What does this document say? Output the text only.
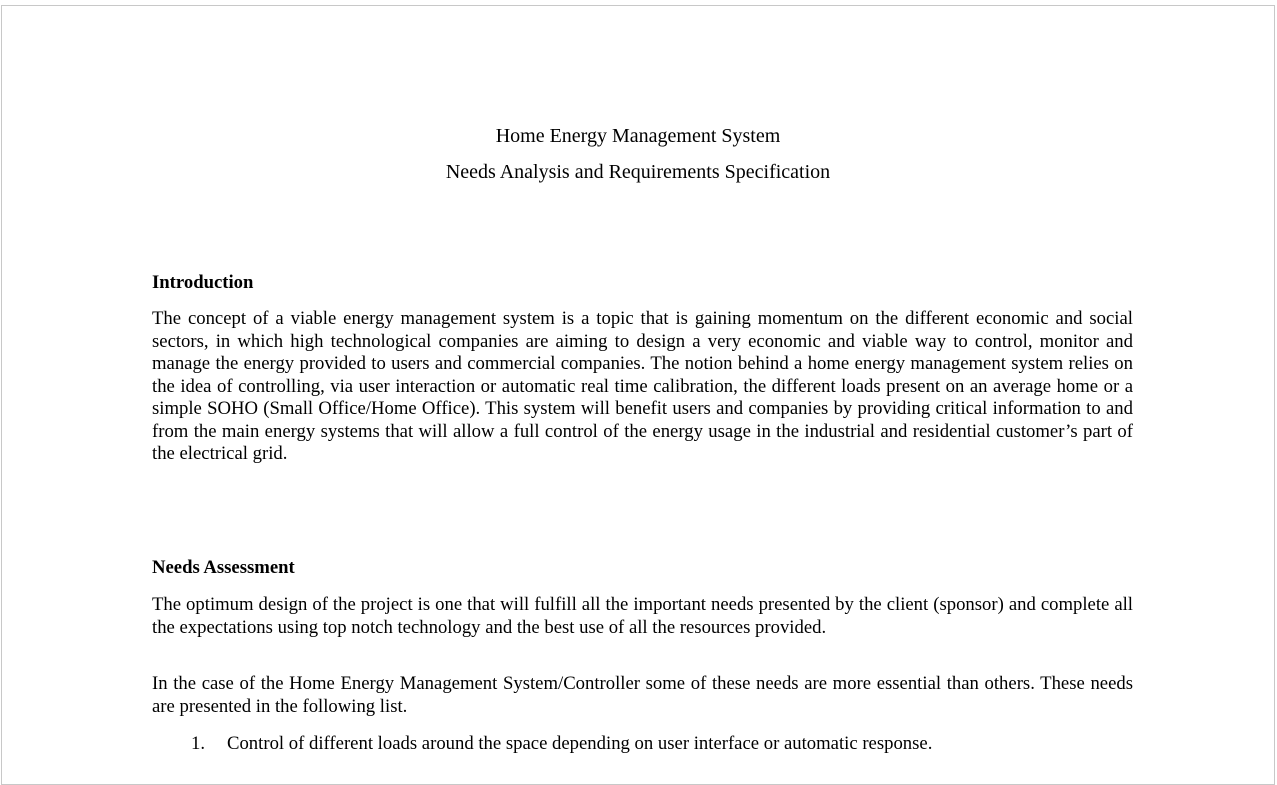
Home Energy Management System

Needs Analysis and Requirements Specification

Introduction

The concept of a viable energy management system is a topic that is gaining momentum on the different economic and social sectors, in which high technological companies are aiming to design a very economic and viable way to control, monitor and manage the energy provided to users and commercial companies. The notion behind a home energy management system relies on the idea of controlling, via user interaction or automatic real time calibration, the different loads present on an average home or a simple SOHO (Small Office/Home Office). This system will benefit users and companies by providing critical information to and from the main energy systems that will allow a full control of the energy usage in the industrial and residential customer’s part of the electrical grid.

Needs Assessment

The optimum design of the project is one that will fulfill all the important needs presented by the client (sponsor) and complete all the expectations using top notch technology and the best use of all the resources provided.

In the case of the Home Energy Management System/Controller some of these needs are more essential than others. These needs are presented in the following list.

1. Control of different loads around the space depending on user interface or automatic response.
